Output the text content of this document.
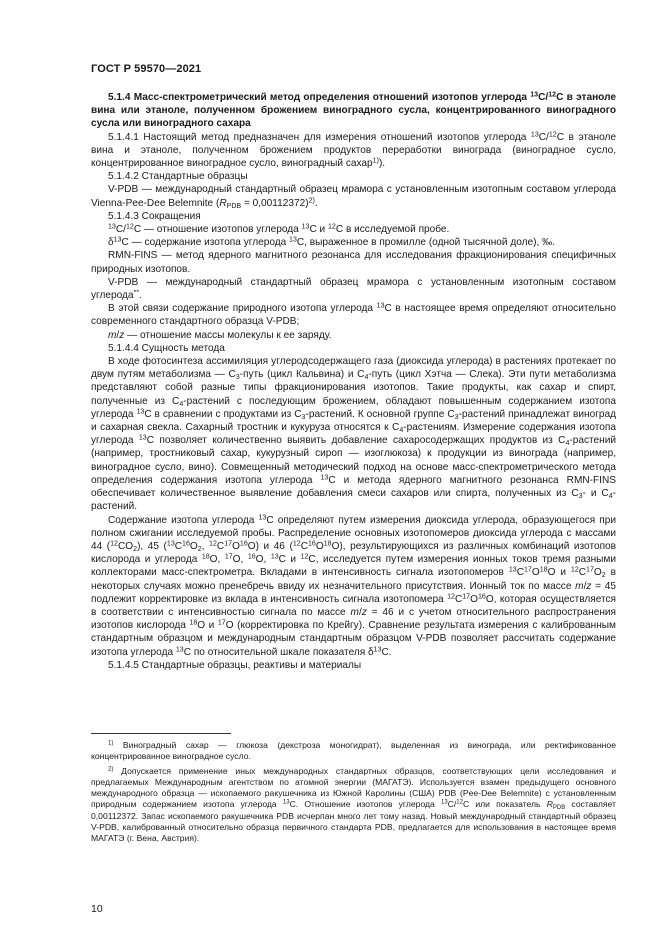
ГОСТ Р 59570—2021

5.1.4 Масс-спектрометрический метод определения отношений изотопов углерода $^{13}$C/$^{12}$C в этаноле вина или этаноле, полученном брожением виноградного сусла, концентрированного виноградного сусла или виноградного сахара

5.1.4.1 Настоящий метод предназначен для измерения отношений изотопов углерода $^{13}$C/$^{12}$C в этаноле вина и этаноле, полученном брожением продуктов переработки винограда (виноградное сусло, концентрированное виноградное сусло, виноградный сахар$^{1)}$).

5.1.4.2 Стандартные образцы

V-PDB — международный стандартный образец мрамора с установленным изотопным составом углерода Vienna-Pee-Dee Belemnite $(R_{PDB} = 0,00112372)^{2)}$.

5.1.4.3 Сокращения

$^{13}$C/$^{12}$C — отношение изотопов углерода $^{13}$C и $^{12}$C в исследуемой пробе.

$\delta^{13}C$ — содержание изотопа углерода $^{13}$C, выраженное в промилле (одной тысячной доле), ‰.

RMN-FINS — метод ядерного магнитного резонанса для исследования фракционирования специфичных природных изотопов.

V-PDB — международный стандартный образец мрамора с установленным изотопным составом углерода**.

В этой связи содержание природного изотопа углерода $^{13}$C в настоящее время определяют относительно современного стандартного образца V-PDB;

m/z — отношение массы молекулы к ее заряду.

5.1.4.4 Сущность метода

В ходе фотосинтеза ассимиляция углеродсодержащего газа (диоксида углерода) в растениях протекает по двум путям метаболизма — $C_3$-путь (цикл Кальвина) и $C_4$-путь (цикл Хэтча — Слека). Эти пути метаболизма представляют собой разные типы фракционирования изотопов. Такие продукты, как сахар и спирт, полученные из $C_4$-растений с последующим брожением, обладают повышенным содержанием изотопа углерода $^{13}$C в сравнении с продуктами из $C_3$-растений. К основной группе $C_3$-растений принадлежат виноград и сахарная свекла. Сахарный тростник и кукуруза относятся к $C_4$-растениям. Измерение содержания изотопа углерода $^{13}$C позволяет количественно выявить добавление сахаросодержащих продуктов из $C_4$-растений (например, тростниковый сахар, кукурузный сироп — изоглюкоза) к продукции из винограда (например, виноградное сусло, вино). Совмещенный методический подход на основе масс-спектрометрического метода определения содержания изотопа углерода $^{13}$C и метода ядерного магнитного резонанса RMN-FINS обеспечивает количественное выявление добавления смеси сахаров или спирта, полученных из $C_3-$ и $C_4$-растений.

Содержание изотопа углерода $^{13}$C определяют путем измерения диоксида углерода, образующегося при полном сжигании исследуемой пробы. Распределение основных изотопомеров диоксида углерода с массами 44 $(^{12}CO_2)$, 45 ($^{13}C^{16}O_2$, $^{12}C^{17}O^{16}O$) и 46 $(^{12}C^{16}O^{18}O)$, результирующихся из различных комбинаций изотопов кислорода и углерода $^{18}$O, $^{17}$O, $^{16}$O, $^{13}$C и $^{12}$C, исследуется путем измерения ионных токов тремя разными коллекторами масс-спектрометра. Вкладами в интенсивность сигнала изотопомеров $^{13}C^{17}O^{18}O$ и $^{12}C^{17}O_2$ в некоторых случаях можно пренебречь ввиду их незначительного присутствия. Ионный ток по массе m/z = 45 подлежит корректировке из вклада в интенсивность сигнала изотопомера $^{12}C^{17}O^{16}O$, которая осуществляется в соответствии с интенсивностью сигнала по массе m/z = 46 и с учетом относительного распространения изотопов кислорода $^{18}$O и $^{17}$O (корректировка по Крейгу). Сравнение результата измерения с калиброванным стандартным образцом и международным стандартным образцом V-PDB позволяет рассчитать содержание изотопа углерода $^{13}$C по относительной шкале показателя $\delta^{13}C$.

5.1.4.5 Стандартные образцы, реактивы и материалы

$^{1)}$ Виноградный сахар — глюкоза (декстроза моногидрат), выделенная из винограда, или ректификованное концентрированное виноградное сусло.

$^{2)}$ Допускается применение иных международных стандартных образцов, соответствующих цели исследования и предлагаемых Международным агентством по атомной энергии (МАГАТЭ). Используется взамен предыдущего основного международного образца — ископаемого ракушечника из Южной Каролины (США) PDB (Pee-Dee Belemnite) с установленным природным содержанием изотопа углерода $^{13}$C. Отношение изотопов углерода $^{13}$C/$^{12}$C или показатель $R_{PDB}$ составляет 0,00112372. Запас ископаемого ракушечника PDB исчерпан много лет тому назад. Новый международный стандартный образец V-PDB, калиброванный относительно образца первичного стандарта PDB, предлагается для использования в настоящее время МАГАТЭ (г. Вена, Австрия).

10
